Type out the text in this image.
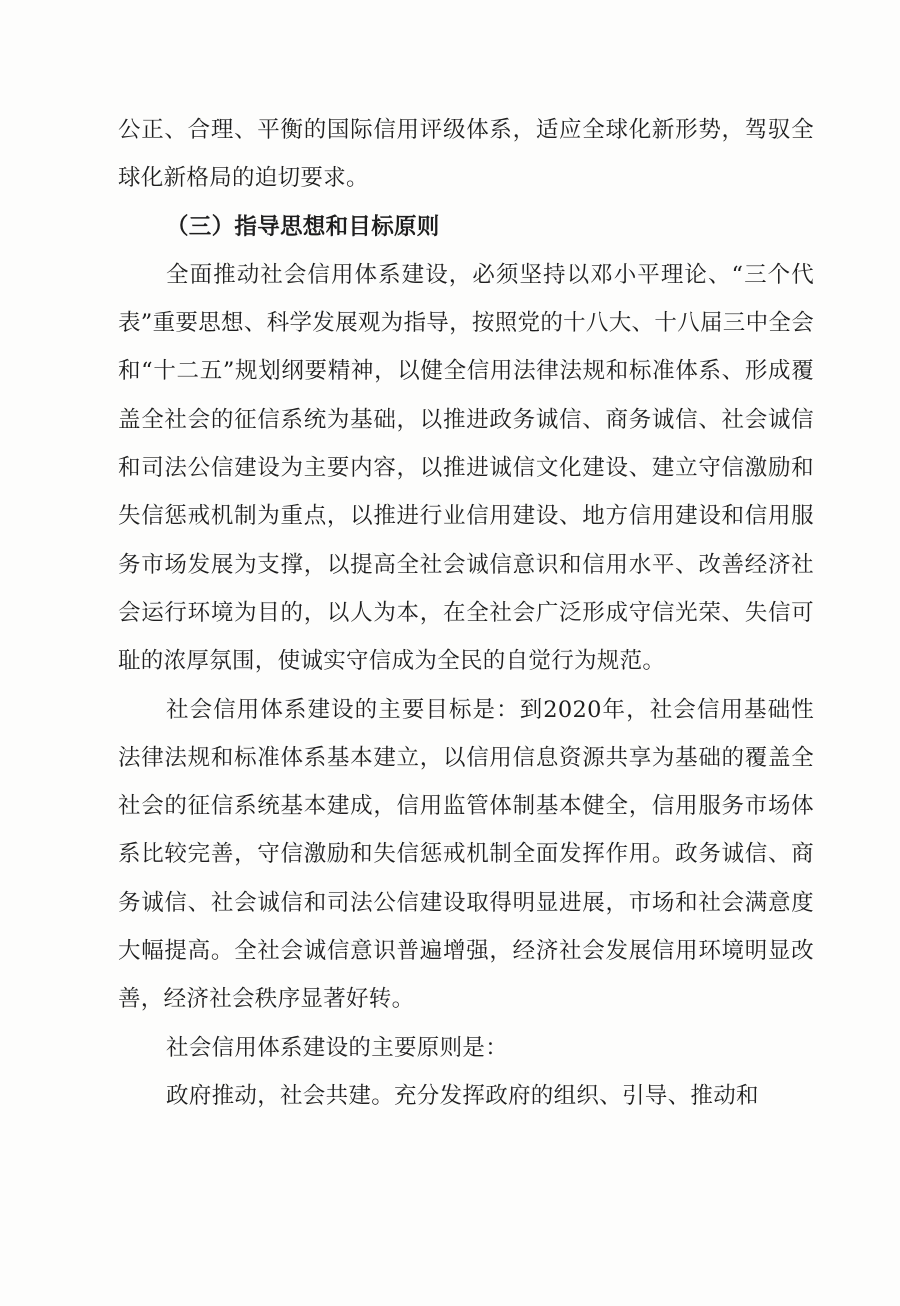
公正、合理、平衡的国际信用评级体系，适应全球化新形势，驾驭全球化新格局的迫切要求。

（三）指导思想和目标原则

全面推动社会信用体系建设，必须坚持以邓小平理论、“三个代表”重要思想、科学发展观为指导，按照党的十八大、十八届三中全会和“十二五”规划纲要精神，以健全信用法律法规和标准体系、形成覆盖全社会的征信系统为基础，以推进政务诚信、商务诚信、社会诚信和司法公信建设为主要内容，以推进诚信文化建设、建立守信激励和失信惩戒机制为重点，以推进行业信用建设、地方信用建设和信用服务市场发展为支撑，以提高全社会诚信意识和信用水平、改善经济社会运行环境为目的，以人为本，在全社会广泛形成守信光荣、失信可耻的浓厚氛围，使诚实守信成为全民的自觉行为规范。

社会信用体系建设的主要目标是：到2020年，社会信用基础性法律法规和标准体系基本建立，以信用信息资源共享为基础的覆盖全社会的征信系统基本建成，信用监管体制基本健全，信用服务市场体系比较完善，守信激励和失信惩戒机制全面发挥作用。政务诚信、商务诚信、社会诚信和司法公信建设取得明显进展，市场和社会满意度大幅提高。全社会诚信意识普遍增强，经济社会发展信用环境明显改善，经济社会秩序显著好转。

社会信用体系建设的主要原则是：

政府推动，社会共建。充分发挥政府的组织、引导、推动和
